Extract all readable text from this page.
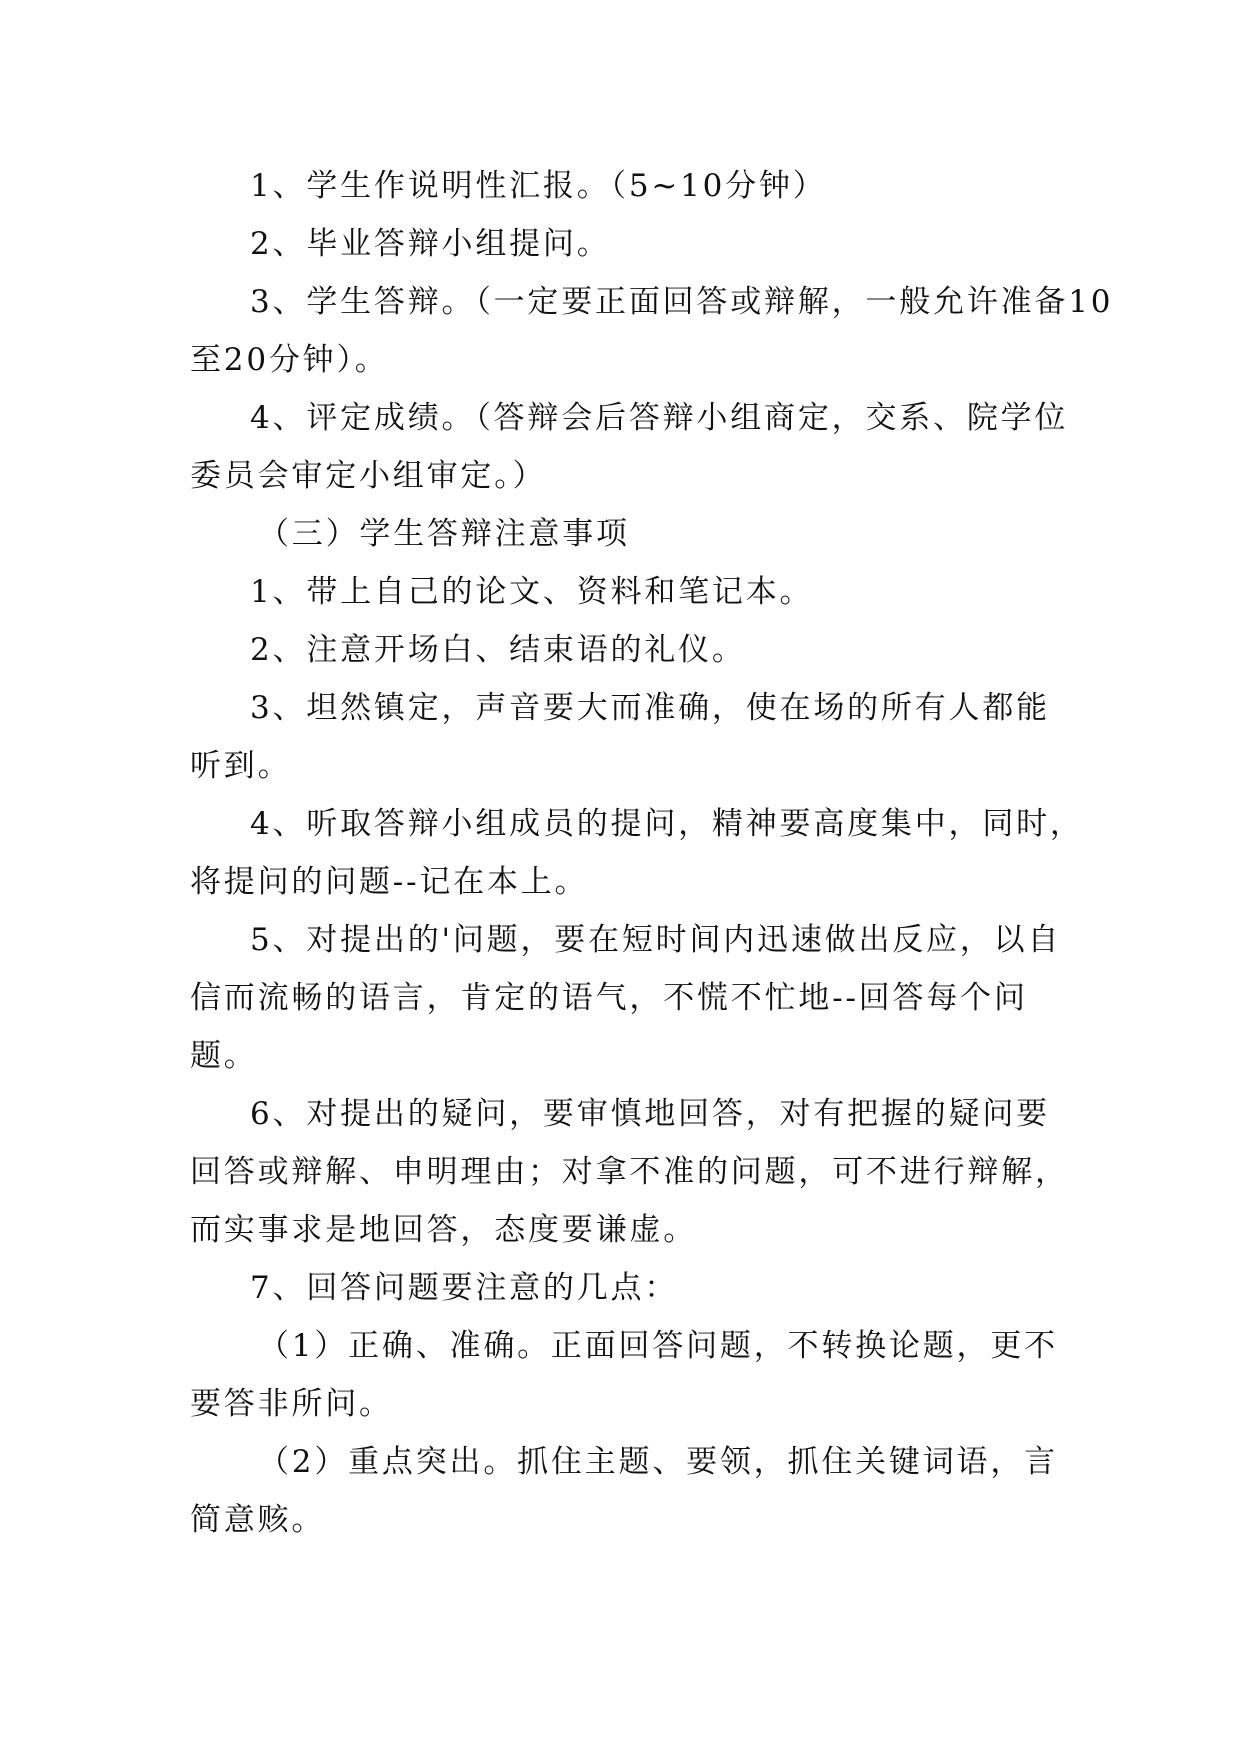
1、学生作说明性汇报。（5~10分钟）

2、毕业答辩小组提问。

3、学生答辩。（一定要正面回答或辩解，一般允许准备10

至20分钟）。

4、评定成绩。（答辩会后答辩小组商定，交系、院学位

委员会审定小组审定。）

（三）学生答辩注意事项

1、带上自己的论文、资料和笔记本。

2、注意开场白、结束语的礼仪。

3、坦然镇定，声音要大而准确，使在场的所有人都能

听到。

4、听取答辩小组成员的提问，精神要高度集中，同时，

将提问的问题--记在本上。

5、对提出的'问题，要在短时间内迅速做出反应，以自

信而流畅的语言，肯定的语气，不慌不忙地--回答每个问

题。

6、对提出的疑问，要审慎地回答，对有把握的疑问要

回答或辩解、申明理由；对拿不准的问题，可不进行辩解，

而实事求是地回答，态度要谦虚。

7、回答问题要注意的几点：

（1）正确、准确。正面回答问题，不转换论题，更不

要答非所问。

（2）重点突出。抓住主题、要领，抓住关键词语，言

简意赅。
